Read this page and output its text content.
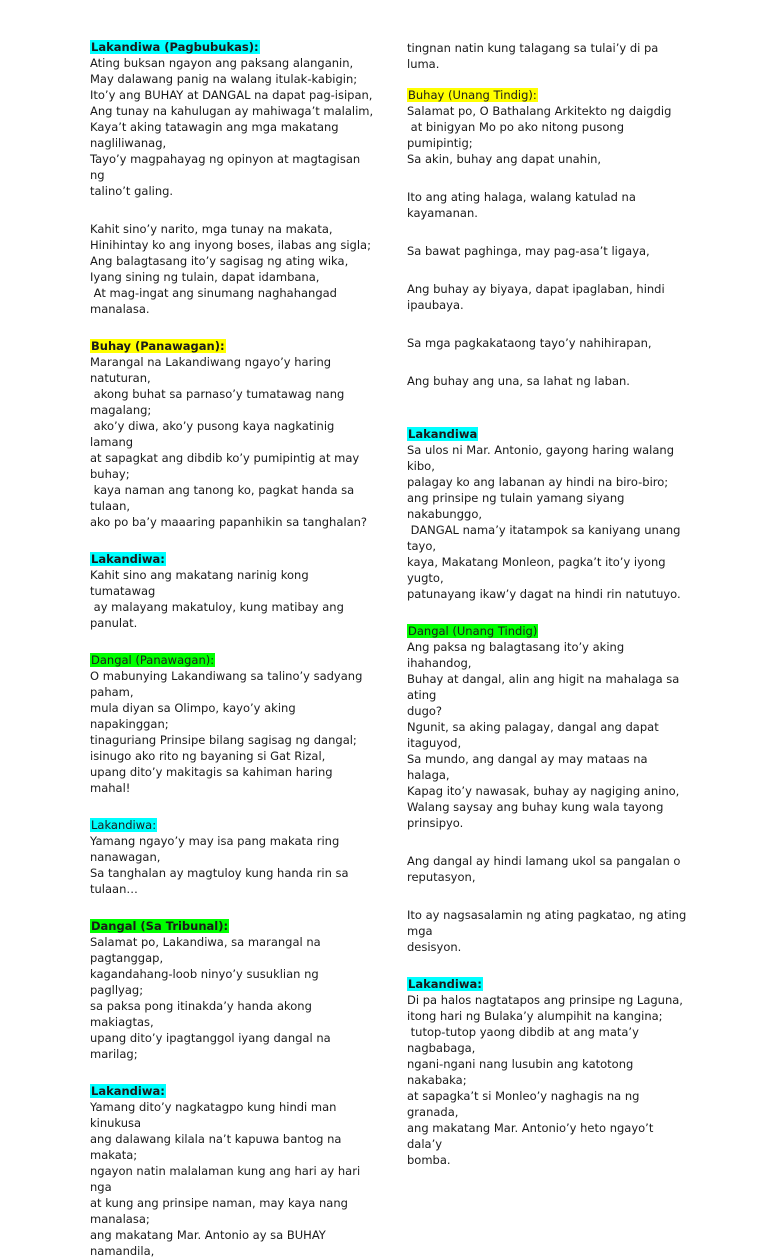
Lakandiwa (Pagbubukas):
Ating buksan ngayon ang paksang alanganin,
May dalawang panig na walang itulak-kabigin;
Ito’y ang BUHAY at DANGAL na dapat pag-isipan,
Ang tunay na kahulugan ay mahiwaga’t malalim,
Kaya’t aking tatawagin ang mga makatang
nagliliwanag,
Tayo’y magpahayag ng opinyon at magtagisan ng
talino’t galing.
Kahit sino’y narito, mga tunay na makata,
Hinihintay ko ang inyong boses, ilabas ang sigla;
Ang balagtasang ito’y sagisag ng ating wika,
Iyang sining ng tulain, dapat idambana,
At mag-ingat ang sinumang naghahangad manalasa.
Buhay (Panawagan):
Marangal na Lakandiwang ngayo’y haring natuturan,
akong buhat sa parnaso’y tumatawag nang
magalang;
ako’y diwa, ako’y pusong kaya nagkatinig lamang
at sapagkat ang dibdib ko’y pumipintig at may
buhay;
kaya naman ang tanong ko, pagkat handa sa tulaan,
ako po ba’y maaaring papanhikin sa tanghalan?
Lakandiwa:
Kahit sino ang makatang narinig kong tumatawag
ay malayang makatuloy, kung matibay ang panulat.
Dangal (Panawagan):
O mabunying Lakandiwang sa talino’y sadyang
paham,
mula diyan sa Olimpo, kayo’y aking napakinggan;
tinaguriang Prinsipe bilang sagisag ng dangal;
isinugo ako rito ng bayaning si Gat Rizal,
upang dito’y makitagis sa kahiman haring mahal!
Lakandiwa:
Yamang ngayo’y may isa pang makata ring
nanawagan,
Sa tanghalan ay magtuloy kung handa rin sa tulaan…
Dangal (Sa Tribunal):
Salamat po, Lakandiwa, sa marangal na pagtanggap,
kagandahang-loob ninyo’y susuklian ng pagllyag;
sa paksa pong itinakda’y handa akong makiagtas,
upang dito’y ipagtanggol iyang dangal na marilag;
Lakandiwa:
Yamang dito’y nagkatagpo kung hindi man kinukusa
ang dalawang kilala na’t kapuwa bantog na makata;
ngayon natin malalaman kung ang hari ay hari nga
at kung ang prinsipe naman, may kaya nang
manalasa;
ang makatang Mar. Antonio ay sa BUHAY namandila,
tingnan natin kung talagang sa tulai’y di pa luma.
Buhay (Unang Tindig):
Salamat po, O Bathalang Arkitekto ng daigdig
at binigyan Mo po ako nitong pusong pumipintig;
Sa akin, buhay ang dapat unahin,
Ito ang ating halaga, walang katulad na kayamanan.
Sa bawat paghinga, may pag-asa’t ligaya,
Ang buhay ay biyaya, dapat ipaglaban, hindi
ipaubaya.
Sa mga pagkakataong tayo’y nahihirapan,
Ang buhay ang una, sa lahat ng laban.
Lakandiwa
Sa ulos ni Mar. Antonio, gayong haring walang kibo,
palagay ko ang labanan ay hindi na biro-biro;
ang prinsipe ng tulain yamang siyang nakabunggo,
DANGAL nama’y itatampok sa kaniyang unang tayo,
kaya, Makatang Monleon, pagka’t ito’y iyong yugto,
patunayang ikaw’y dagat na hindi rin natutuyo.
Dangal (Unang Tindig)
Ang paksa ng balagtasang ito’y aking ihahandog,
Buhay at dangal, alin ang higit na mahalaga sa ating
dugo?
Ngunit, sa aking palagay, dangal ang dapat itaguyod,
Sa mundo, ang dangal ay may mataas na halaga,
Kapag ito’y nawasak, buhay ay nagiging anino,
Walang saysay ang buhay kung wala tayong
prinsipyo.
Ang dangal ay hindi lamang ukol sa pangalan o
reputasyon,
Ito ay nagsasalamin ng ating pagkatao, ng ating mga
desisyon.
Lakandiwa:
Di pa halos nagtatapos ang prinsipe ng Laguna,
itong hari ng Bulaka’y alumpihit na kangina;
tutop-tutop yaong dibdib at ang mata’y nagbabaga,
ngani-ngani nang lusubin ang katotong nakabaka;
at sapagka’t si Monleo’y naghagis na ng granada,
ang makatang Mar. Antonio’y heto ngayo’t dala’y
bomba.
